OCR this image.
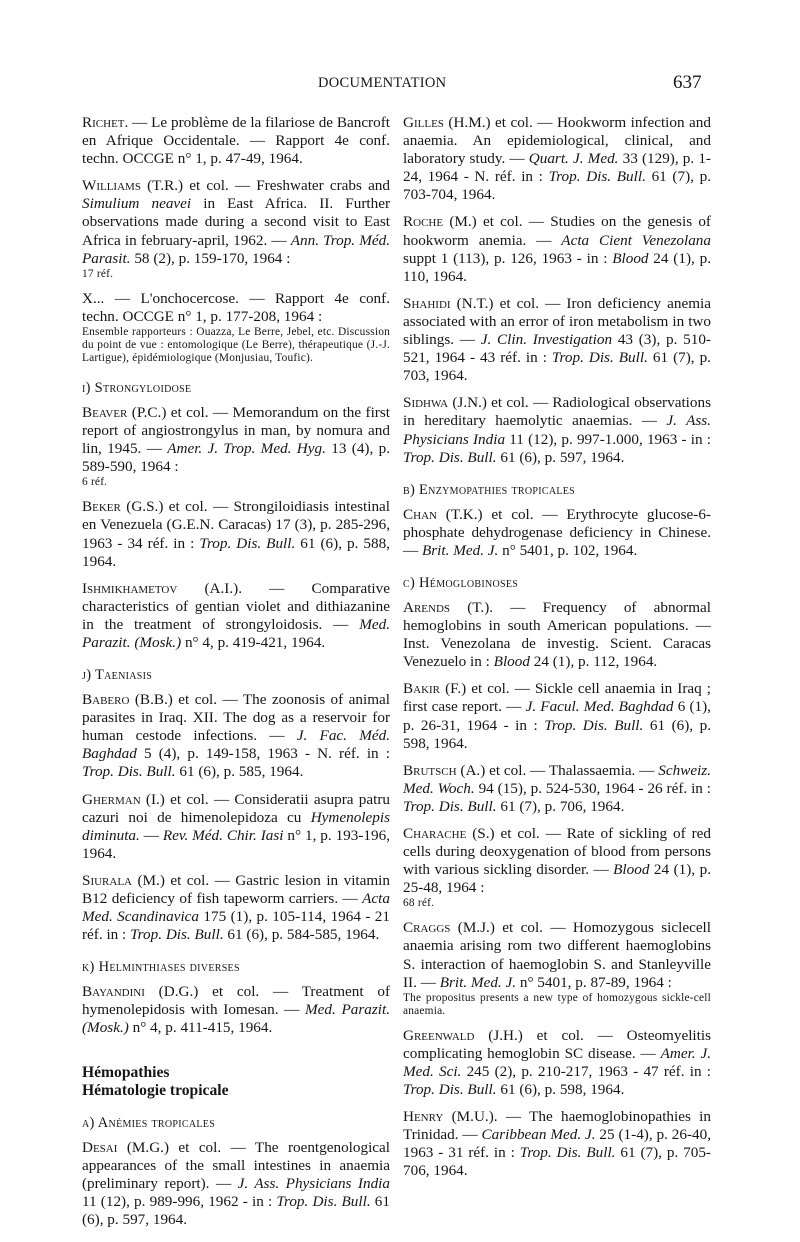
DOCUMENTATION	637

Richet. — Le problème de la filariose de Bancroft en Afrique Occidentale. — Rapport 4e conf. techn. OCCGE n° 1, p. 47-49, 1964.

Williams (T.R.) et col. — Freshwater crabs and Simulium neavei in East Africa. II. Further observations made during a second visit to East Africa in february-april, 1962. — Ann. Trop. Méd. Parasit. 58 (2), p. 159-170, 1964 :

17 réf.

X... — L'onchocercose. — Rapport 4e conf. techn. OCCGE n° 1, p. 177-208, 1964 :

Ensemble rapporteurs : Ouazza, Le Berre, Jebel, etc. Discussion du point de vue : entomologique (Le Berre), thérapeutique (J.-J. Lartigue), épidémiologique (Monjusiau, Toufic).

i) Strongyloidose

Beaver (P.C.) et col. — Memorandum on the first report of angiostrongylus in man, by nomura and lin, 1945. — Amer. J. Trop. Med. Hyg. 13 (4), p. 589-590, 1964 :

6 réf.

Beker (G.S.) et col. — Strongiloidiasis intestinal en Venezuela (G.E.N. Caracas) 17 (3), p. 285-296, 1963 - 34 réf. in : Trop. Dis. Bull. 61 (6), p. 588, 1964.

Ishmikhametov (A.I.). — Comparative characteristics of gentian violet and dithiazanine in the treatment of strongyloidosis. — Med. Parazit. (Mosk.) n° 4, p. 419-421, 1964.

j) Taeniasis

Babero (B.B.) et col. — The zoonosis of animal parasites in Iraq. XII. The dog as a reservoir for human cestode infections. — J. Fac. Méd. Baghdad 5 (4), p. 149-158, 1963 - N. réf. in : Trop. Dis. Bull. 61 (6), p. 585, 1964.

Gherman (I.) et col. — Consideratii asupra patru cazuri noi de himenolepidoza cu Hymenolepis diminuta. — Rev. Méd. Chir. Iasi n° 1, p. 193-196, 1964.

Siurala (M.) et col. — Gastric lesion in vitamin B12 deficiency of fish tapeworm carriers. — Acta Med. Scandinavica 175 (1), p. 105-114, 1964 - 21 réf. in : Trop. Dis. Bull. 61 (6), p. 584-585, 1964.

k) Helminthiases diverses

Bayandini (D.G.) et col. — Treatment of hymenolepidosis with Iomesan. — Med. Parazit. (Mosk.) n° 4, p. 411-415, 1964.

Hémopathies
Hématologie tropicale
a) Anémies tropicales

Desai (M.G.) et col. — The roentgenological appearances of the small intestines in anaemia (preliminary report). — J. Ass. Physicians India 11 (12), p. 989-996, 1962 - in : Trop. Dis. Bull. 61 (6), p. 597, 1964.

Gilles (H.M.) et col. — Hookworm infection and anaemia. An epidemiological, clinical, and laboratory study. — Quart. J. Med. 33 (129), p. 1-24, 1964 - N. réf. in : Trop. Dis. Bull. 61 (7), p. 703-704, 1964.

Roche (M.) et col. — Studies on the genesis of hookworm anemia. — Acta Cient Venezolana suppt 1 (113), p. 126, 1963 - in : Blood 24 (1), p. 110, 1964.

Shahidi (N.T.) et col. — Iron deficiency anemia associated with an error of iron metabolism in two siblings. — J. Clin. Investigation 43 (3), p. 510-521, 1964 - 43 réf. in : Trop. Dis. Bull. 61 (7), p. 703, 1964.

Sidhwa (J.N.) et col. — Radiological observations in hereditary haemolytic anaemias. — J. Ass. Physicians India 11 (12), p. 997-1.000, 1963 - in : Trop. Dis. Bull. 61 (6), p. 597, 1964.

b) Enzymopathies tropicales

Chan (T.K.) et col. — Erythrocyte glucose-6-phosphate dehydrogenase deficiency in Chinese. — Brit. Med. J. n° 5401, p. 102, 1964.

c) Hémoglobinoses

Arends (T.). — Frequency of abnormal hemoglobins in south American populations. — Inst. Venezolana de investig. Scient. Caracas Venezuelo in : Blood 24 (1), p. 112, 1964.

Bakir (F.) et col. — Sickle cell anaemia in Iraq ; first case report. — J. Facul. Med. Baghdad 6 (1), p. 26-31, 1964 - in : Trop. Dis. Bull. 61 (6), p. 598, 1964.

Brutsch (A.) et col. — Thalassaemia. — Schweiz. Med. Woch. 94 (15), p. 524-530, 1964 - 26 réf. in : Trop. Dis. Bull. 61 (7), p. 706, 1964.

Charache (S.) et col. — Rate of sickling of red cells during deoxygenation of blood from persons with various sickling disorder. — Blood 24 (1), p. 25-48, 1964 :

68 réf.

Craggs (M.J.) et col. — Homozygous siclecell anaemia arising rom two different haemoglobins S. interaction of haemoglobin S. and Stanleyville II. — Brit. Med. J. n° 5401, p. 87-89, 1964 :

The propositus presents a new type of homozygous sickle-cell anaemia.

Greenwald (J.H.) et col. — Osteomyelitis complicating hemoglobin SC disease. — Amer. J. Med. Sci. 245 (2), p. 210-217, 1963 - 47 réf. in : Trop. Dis. Bull. 61 (6), p. 598, 1964.

Henry (M.U.). — The haemoglobinopathies in Trinidad. — Caribbean Med. J. 25 (1-4), p. 26-40, 1963 - 31 réf. in : Trop. Dis. Bull. 61 (7), p. 705-706, 1964.
